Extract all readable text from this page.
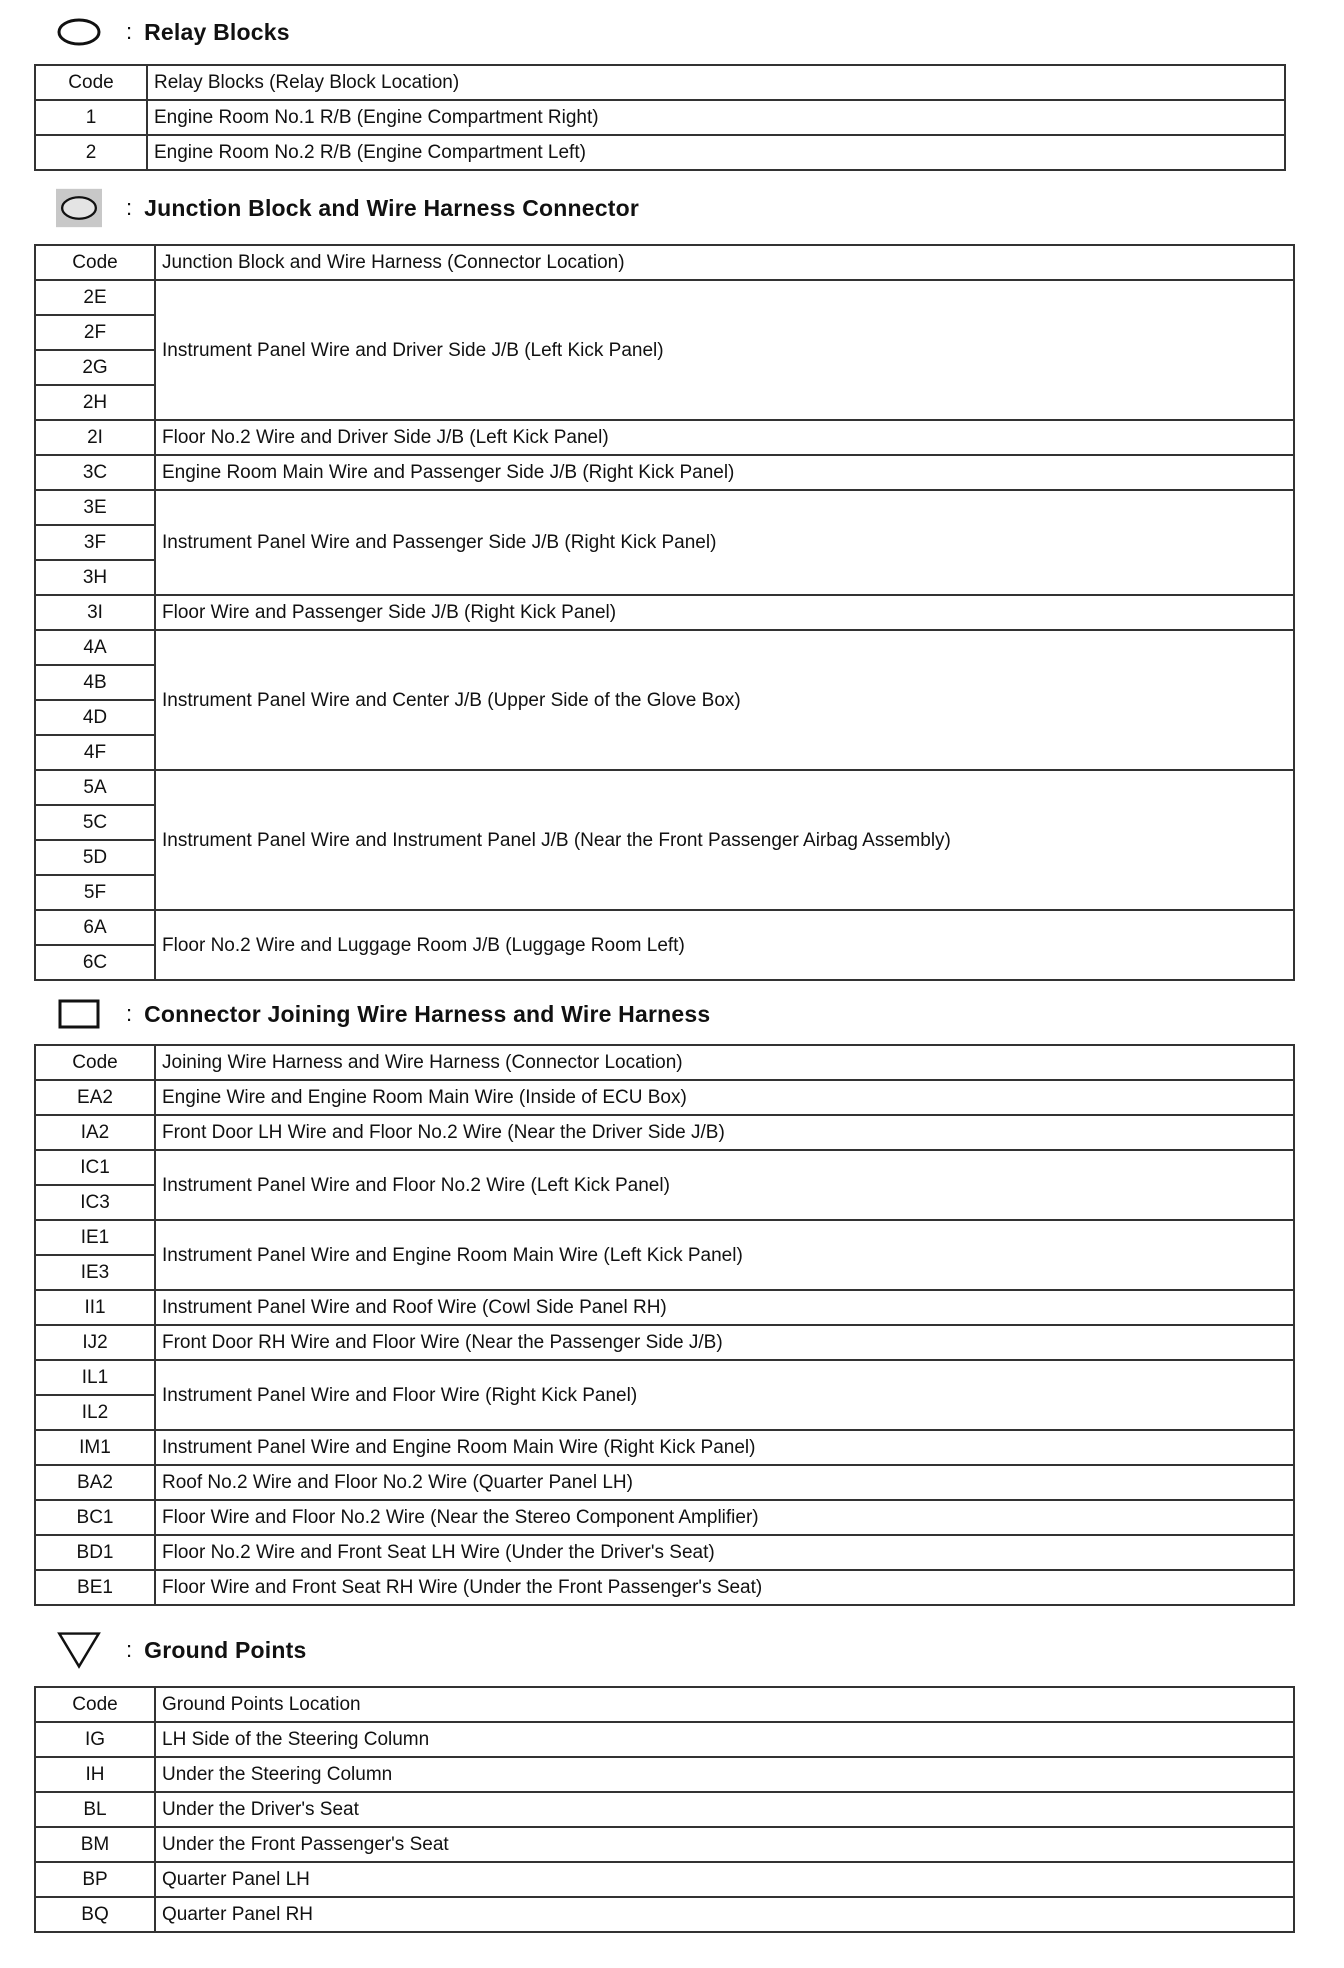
: Relay Blocks
Code	Relay Blocks (Relay Block Location)
1	Engine Room No.1 R/B (Engine Compartment Right)
2	Engine Room No.2 R/B (Engine Compartment Left)
: Junction Block and Wire Harness Connector
Code	Junction Block and Wire Harness (Connector Location)
2E	Instrument Panel Wire and Driver Side J/B (Left Kick Panel)
2F	
2G	
2H	
2I	Floor No.2 Wire and Driver Side J/B (Left Kick Panel)
3C	Engine Room Main Wire and Passenger Side J/B (Right Kick Panel)
3E	Instrument Panel Wire and Passenger Side J/B (Right Kick Panel)
3F	
3H	
3I	Floor Wire and Passenger Side J/B (Right Kick Panel)
4A	Instrument Panel Wire and Center J/B (Upper Side of the Glove Box)
4B	
4D	
4F	
5A	Instrument Panel Wire and Instrument Panel J/B (Near the Front Passenger Airbag Assembly)
5C	
5D	
5F	
6A	Floor No.2 Wire and Luggage Room J/B (Luggage Room Left)
6C	
: Connector Joining Wire Harness and Wire Harness
Code	Joining Wire Harness and Wire Harness (Connector Location)
EA2	Engine Wire and Engine Room Main Wire (Inside of ECU Box)
IA2	Front Door LH Wire and Floor No.2 Wire (Near the Driver Side J/B)
IC1	Instrument Panel Wire and Floor No.2 Wire (Left Kick Panel)
IC3	
IE1	Instrument Panel Wire and Engine Room Main Wire (Left Kick Panel)
IE3	
II1	Instrument Panel Wire and Roof Wire (Cowl Side Panel RH)
IJ2	Front Door RH Wire and Floor Wire (Near the Passenger Side J/B)
IL1	Instrument Panel Wire and Floor Wire (Right Kick Panel)
IL2	
IM1	Instrument Panel Wire and Engine Room Main Wire (Right Kick Panel)
BA2	Roof No.2 Wire and Floor No.2 Wire (Quarter Panel LH)
BC1	Floor Wire and Floor No.2 Wire (Near the Stereo Component Amplifier)
BD1	Floor No.2 Wire and Front Seat LH Wire (Under the Driver's Seat)
BE1	Floor Wire and Front Seat RH Wire (Under the Front Passenger's Seat)
: Ground Points
Code	Ground Points Location
IG	LH Side of the Steering Column
IH	Under the Steering Column
BL	Under the Driver's Seat
BM	Under the Front Passenger's Seat
BP	Quarter Panel LH
BQ	Quarter Panel RH
